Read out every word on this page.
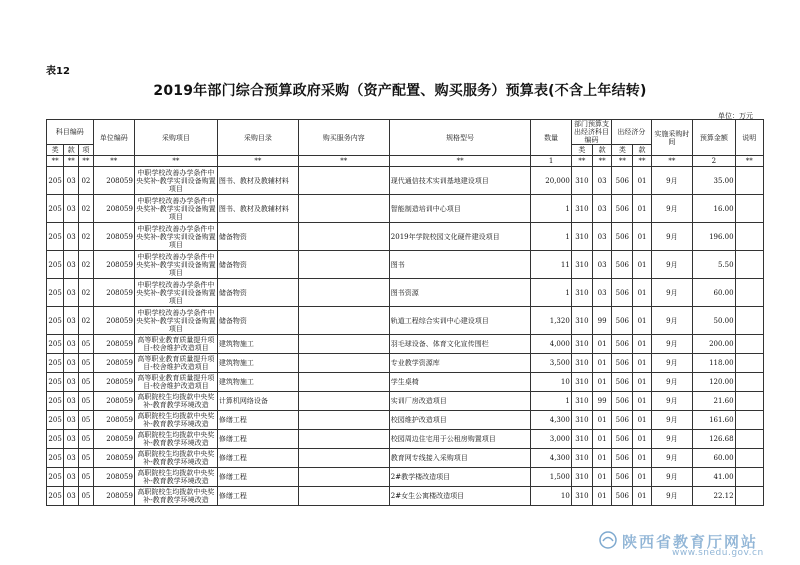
表12
2019年部门综合预算政府采购（资产配置、购买服务）预算表(不含上年结转)
单位：万元
科目编码			单位编码	采购项目	采购目录	购买服务内容	规格型号	数量	部门预算支出经济科目编码		出经济分		实施采购时间	预算金额	说明
类	款	项							类	款	类	款			
**	**	**	**	**	**	**	**	1	**	**	**	**	**	2	**
205	03	02	208059	中职学校改善办学条件中央奖补-教学实训设备购置项目	图书、教材及教辅材料		现代通信技术实训基地建设项目	20,000	310	03	506	01	9月	35.00	
205	03	02	208059	中职学校改善办学条件中央奖补-教学实训设备购置项目	图书、教材及教辅材料		智能制造培训中心项目	1	310	03	506	01	9月	16.00	
205	03	02	208059	中职学校改善办学条件中央奖补-教学实训设备购置项目	储备物资		2019年学院校园文化硬件建设项目	1	310	03	506	01	9月	196.00	
205	03	02	208059	中职学校改善办学条件中央奖补-教学实训设备购置项目	储备物资		图书	11	310	03	506	01	9月	5.50	
205	03	02	208059	中职学校改善办学条件中央奖补-教学实训设备购置项目	储备物资		图书资源	1	310	03	506	01	9月	60.00	
205	03	02	208059	中职学校改善办学条件中央奖补-教学实训设备购置项目	储备物资		轨道工程综合实训中心建设项目	1,320	310	99	506	01	9月	50.00	
205	03	05	208059	高等职业教育质量提升项目-校舍维护改造项目	建筑物施工		羽毛球设备、体育文化宣传围栏	4,000	310	01	506	01	9月	200.00	
205	03	05	208059	高等职业教育质量提升项目-校舍维护改造项目	建筑物施工		专业教学资源库	3,500	310	01	506	01	9月	118.00	
205	03	05	208059	高等职业教育质量提升项目-校舍维护改造项目	建筑物施工		学生桌椅	10	310	01	506	01	9月	120.00	
205	03	05	208059	高职院校生均拨款中央奖补-教育教学环境改造	计算机网络设备		实训厂房改造项目	1	310	99	506	01	9月	21.60	
205	03	05	208059	高职院校生均拨款中央奖补-教育教学环境改造	修缮工程		校园维护改造项目	4,300	310	01	506	01	9月	161.60	
205	03	05	208059	高职院校生均拨款中央奖补-教育教学环境改造	修缮工程		校园周边住宅用于公租房购置项目	3,000	310	01	506	01	9月	126.68	
205	03	05	208059	高职院校生均拨款中央奖补-教育教学环境改造	修缮工程		教育网专线接入采购项目	4,300	310	01	506	01	9月	60.00	
205	03	05	208059	高职院校生均拨款中央奖补-教育教学环境改造	修缮工程		2#教学楼改造项目	1,500	310	01	506	01	9月	41.00	
205	03	05	208059	高职院校生均拨款中央奖补-教育教学环境改造	修缮工程		2#女生公寓楼改造项目	10	310	01	506	01	9月	22.12	
陕西省教育厅网站
www.snedu.gov.cn
